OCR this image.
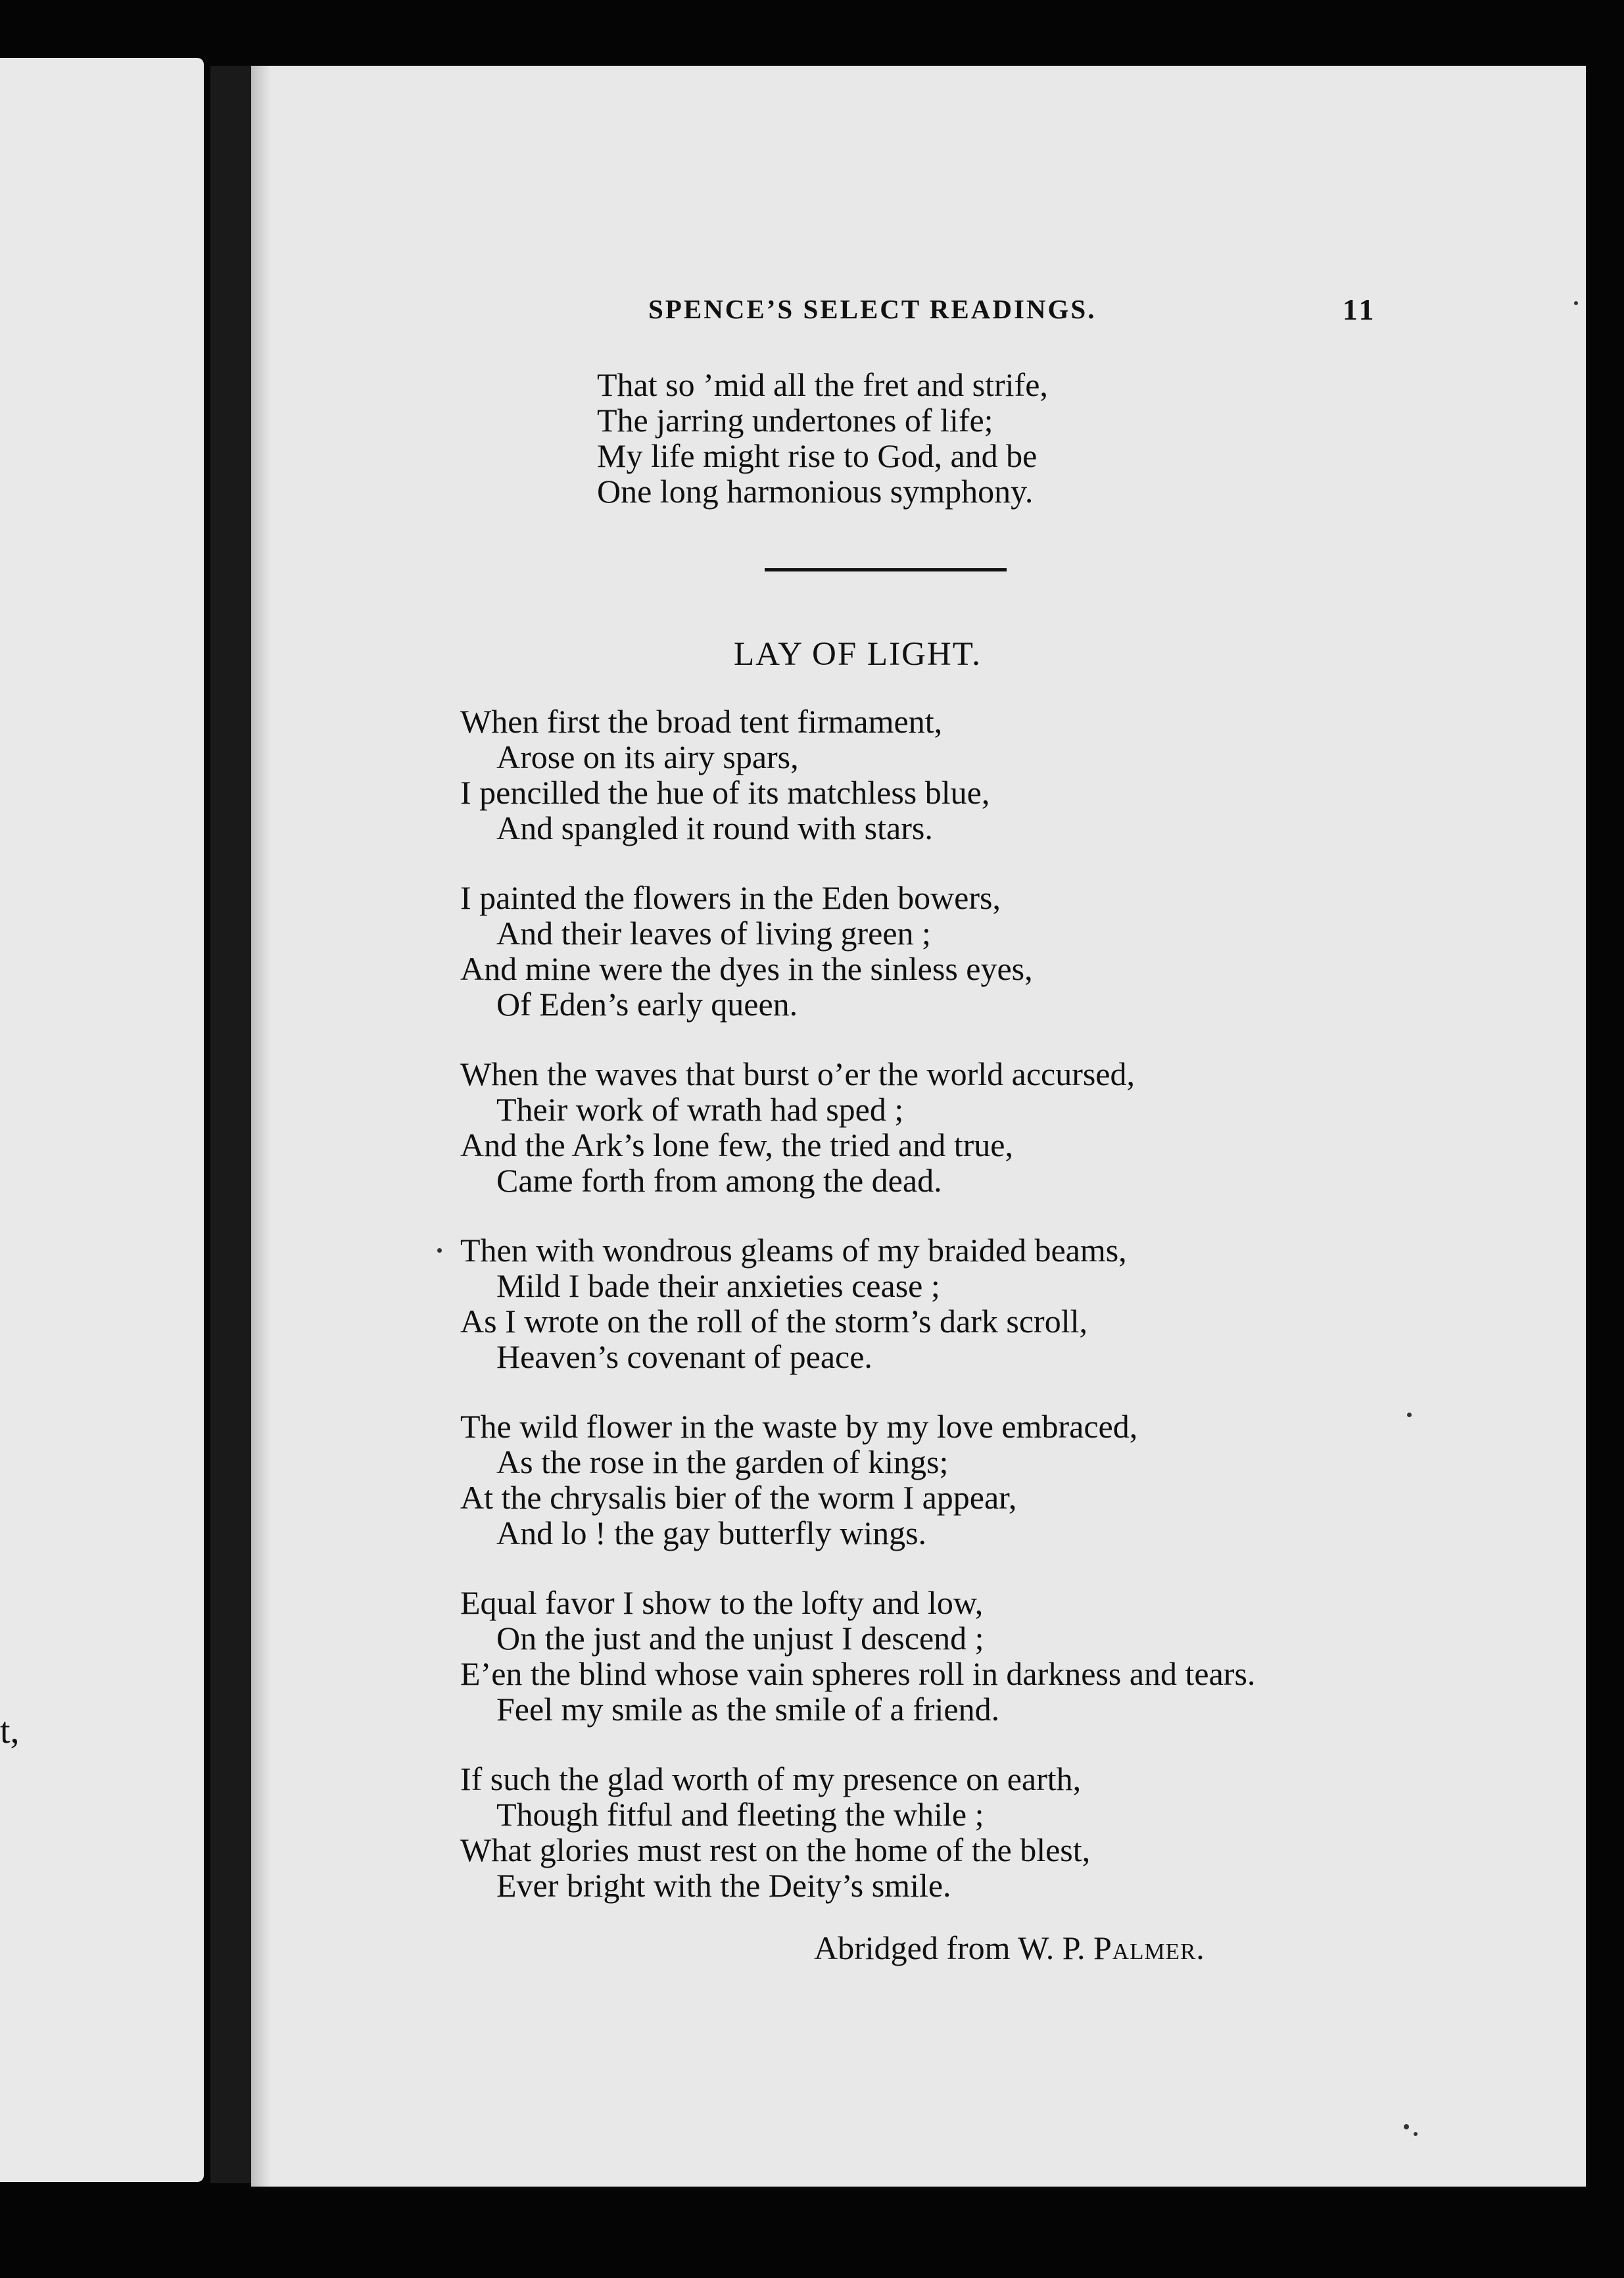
t,
SPENCE’S SELECT READINGS.	11
That so ’mid all the fret and strife,
The jarring undertones of life;
My life might rise to God, and be
One long harmonious symphony.
LAY OF LIGHT.
When first the broad tent firmament,
Arose on its airy spars,
I pencilled the hue of its matchless blue,
And spangled it round with stars.
I painted the flowers in the Eden bowers,
And their leaves of living green ;
And mine were the dyes in the sinless eyes,
Of Eden’s early queen.
When the waves that burst o’er the world accursed,
Their work of wrath had sped ;
And the Ark’s lone few, the tried and true,
Came forth from among the dead.
Then with wondrous gleams of my braided beams,
Mild I bade their anxieties cease ;
As I wrote on the roll of the storm’s dark scroll,
Heaven’s covenant of peace.
The wild flower in the waste by my love embraced,
As the rose in the garden of kings;
At the chrysalis bier of the worm I appear,
And lo ! the gay butterfly wings.
Equal favor I show to the lofty and low,
On the just and the unjust I descend ;
E’en the blind whose vain spheres roll in darkness and tears.
Feel my smile as the smile of a friend.
If such the glad worth of my presence on earth,
Though fitful and fleeting the while ;
What glories must rest on the home of the blest,
Ever bright with the Deity’s smile.
Abridged from W. P. Palmer.
